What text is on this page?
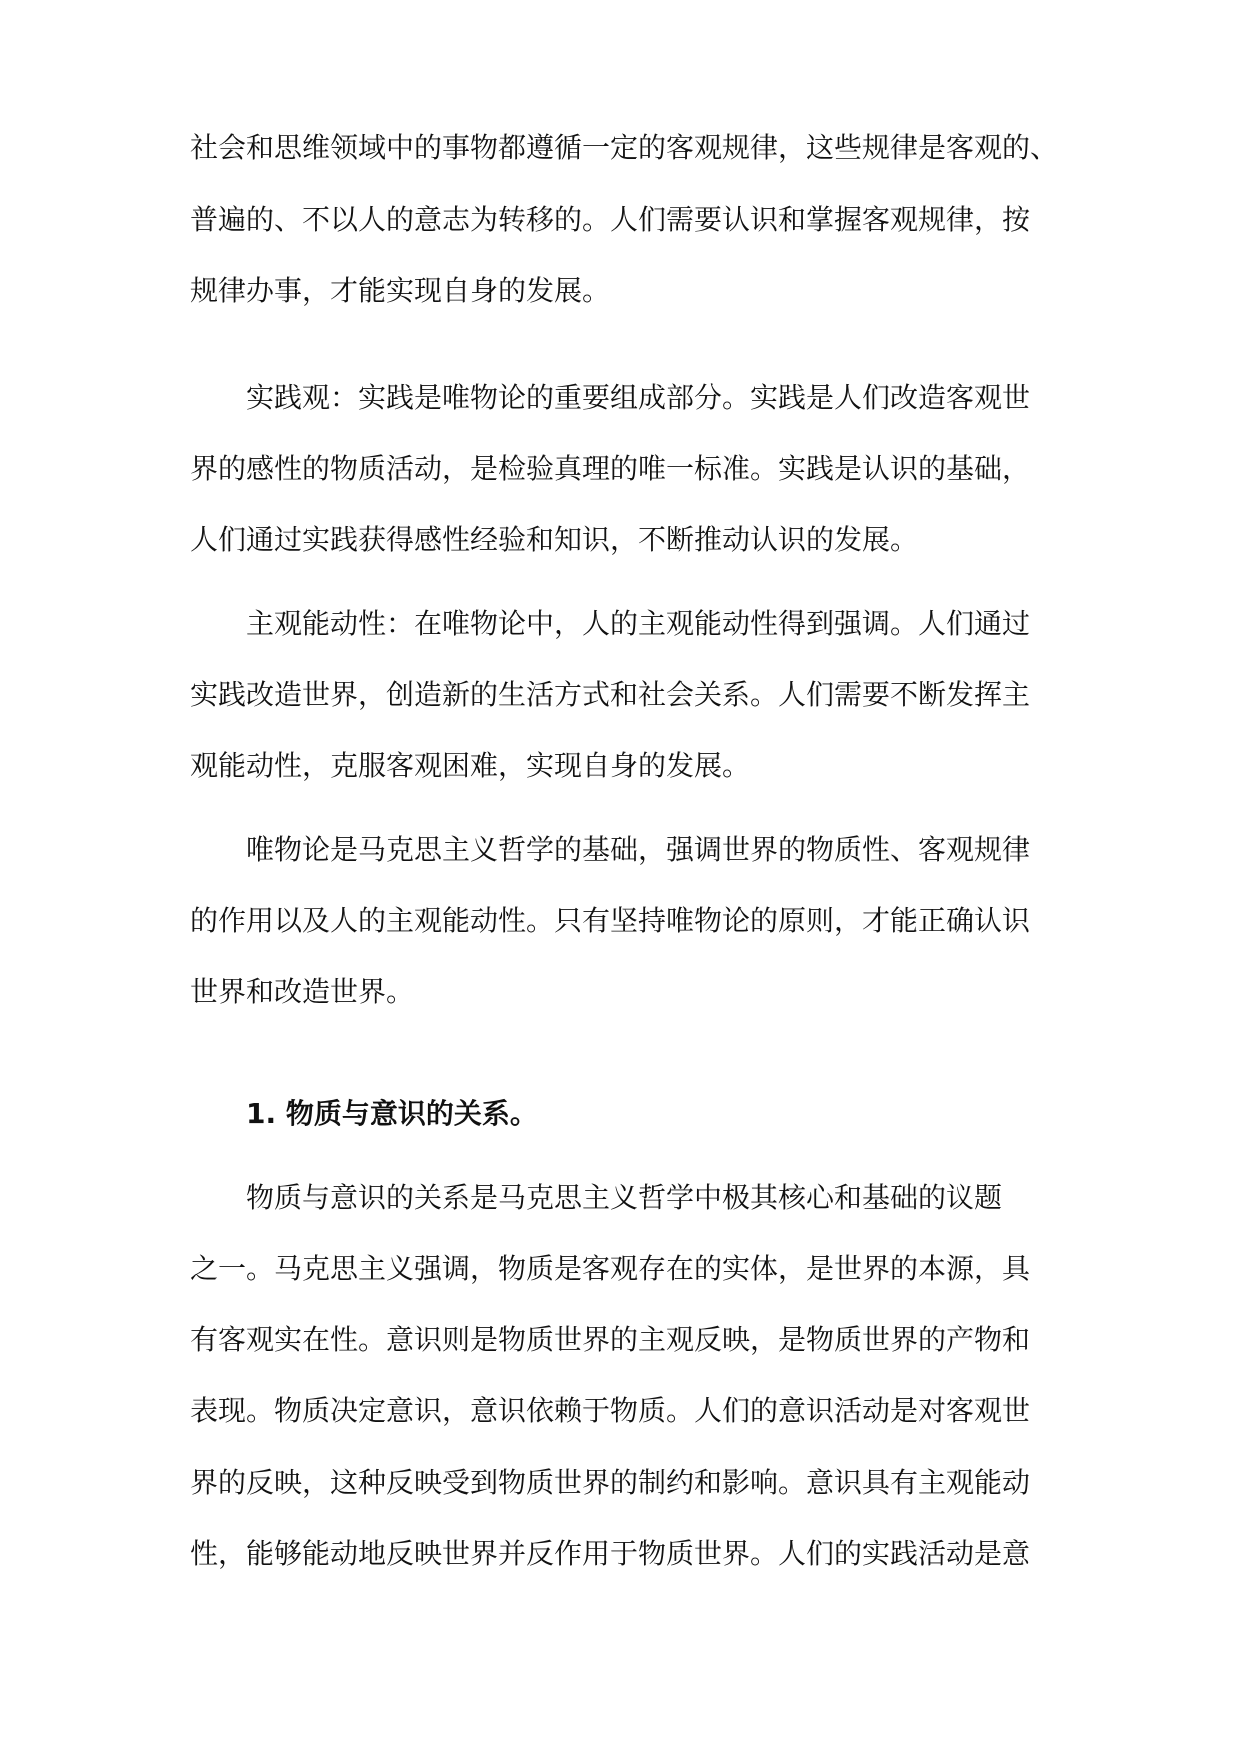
社会和思维领域中的事物都遵循一定的客观规律，这些规律是客观的、
普遍的、不以人的意志为转移的。人们需要认识和掌握客观规律，按
规律办事，才能实现自身的发展。
实践观：实践是唯物论的重要组成部分。实践是人们改造客观世
界的感性的物质活动，是检验真理的唯一标准。实践是认识的基础，
人们通过实践获得感性经验和知识，不断推动认识的发展。
主观能动性：在唯物论中，人的主观能动性得到强调。人们通过
实践改造世界，创造新的生活方式和社会关系。人们需要不断发挥主
观能动性，克服客观困难，实现自身的发展。
唯物论是马克思主义哲学的基础，强调世界的物质性、客观规律
的作用以及人的主观能动性。只有坚持唯物论的原则，才能正确认识
世界和改造世界。
1. 物质与意识的关系。
物质与意识的关系是马克思主义哲学中极其核心和基础的议题
之一。马克思主义强调，物质是客观存在的实体，是世界的本源，具
有客观实在性。意识则是物质世界的主观反映，是物质世界的产物和
表现。物质决定意识，意识依赖于物质。人们的意识活动是对客观世
界的反映，这种反映受到物质世界的制约和影响。意识具有主观能动
性，能够能动地反映世界并反作用于物质世界。人们的实践活动是意
